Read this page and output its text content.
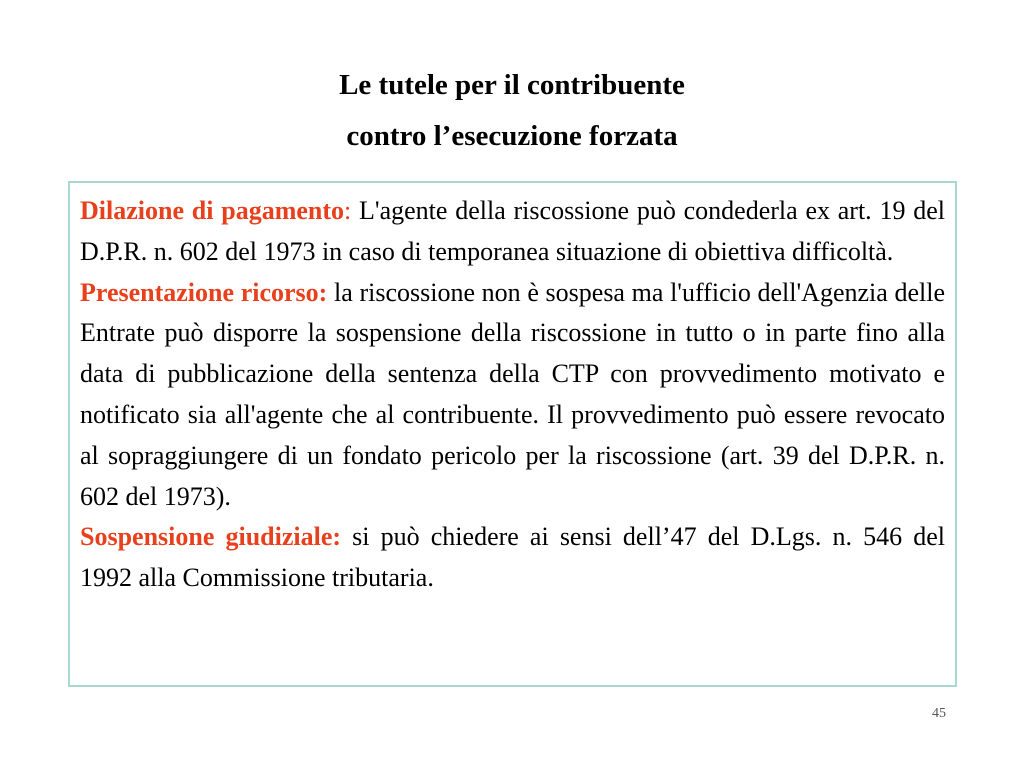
Le tutele per il contribuente
contro l’esecuzione forzata

Dilazione di pagamento: L'agente della riscossione può condederla ex art. 19 del D.P.R. n. 602 del 1973 in caso di temporanea situazione di obiettiva difficoltà.

Presentazione ricorso: la riscossione non è sospesa ma l'ufficio dell'Agenzia delle Entrate può disporre la sospensione della riscossione in tutto o in parte fino alla data di pubblicazione della sentenza della CTP con provvedimento motivato e notificato sia all'agente che al contribuente. Il provvedimento può essere revocato al sopraggiungere di un fondato pericolo per la riscossione (art. 39 del D.P.R. n. 602 del 1973).

Sospensione giudiziale: si può chiedere ai sensi dell’47 del D.Lgs. n. 546 del 1992 alla Commissione tributaria.

45
